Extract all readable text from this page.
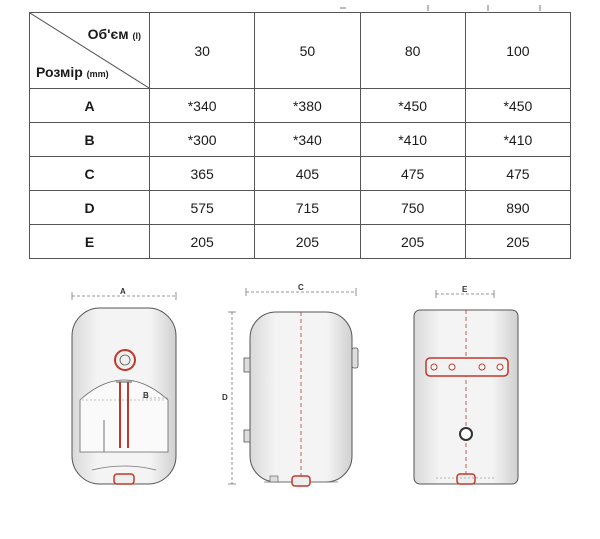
Об'єм (l)
Розмір (mm)	30	50	80	100
A	*340	*380	*450	*450
B	*300	*340	*410	*410
C	365	405	475	475
D	575	715	750	890
E	205	205	205	205
A
B
C
D
E
